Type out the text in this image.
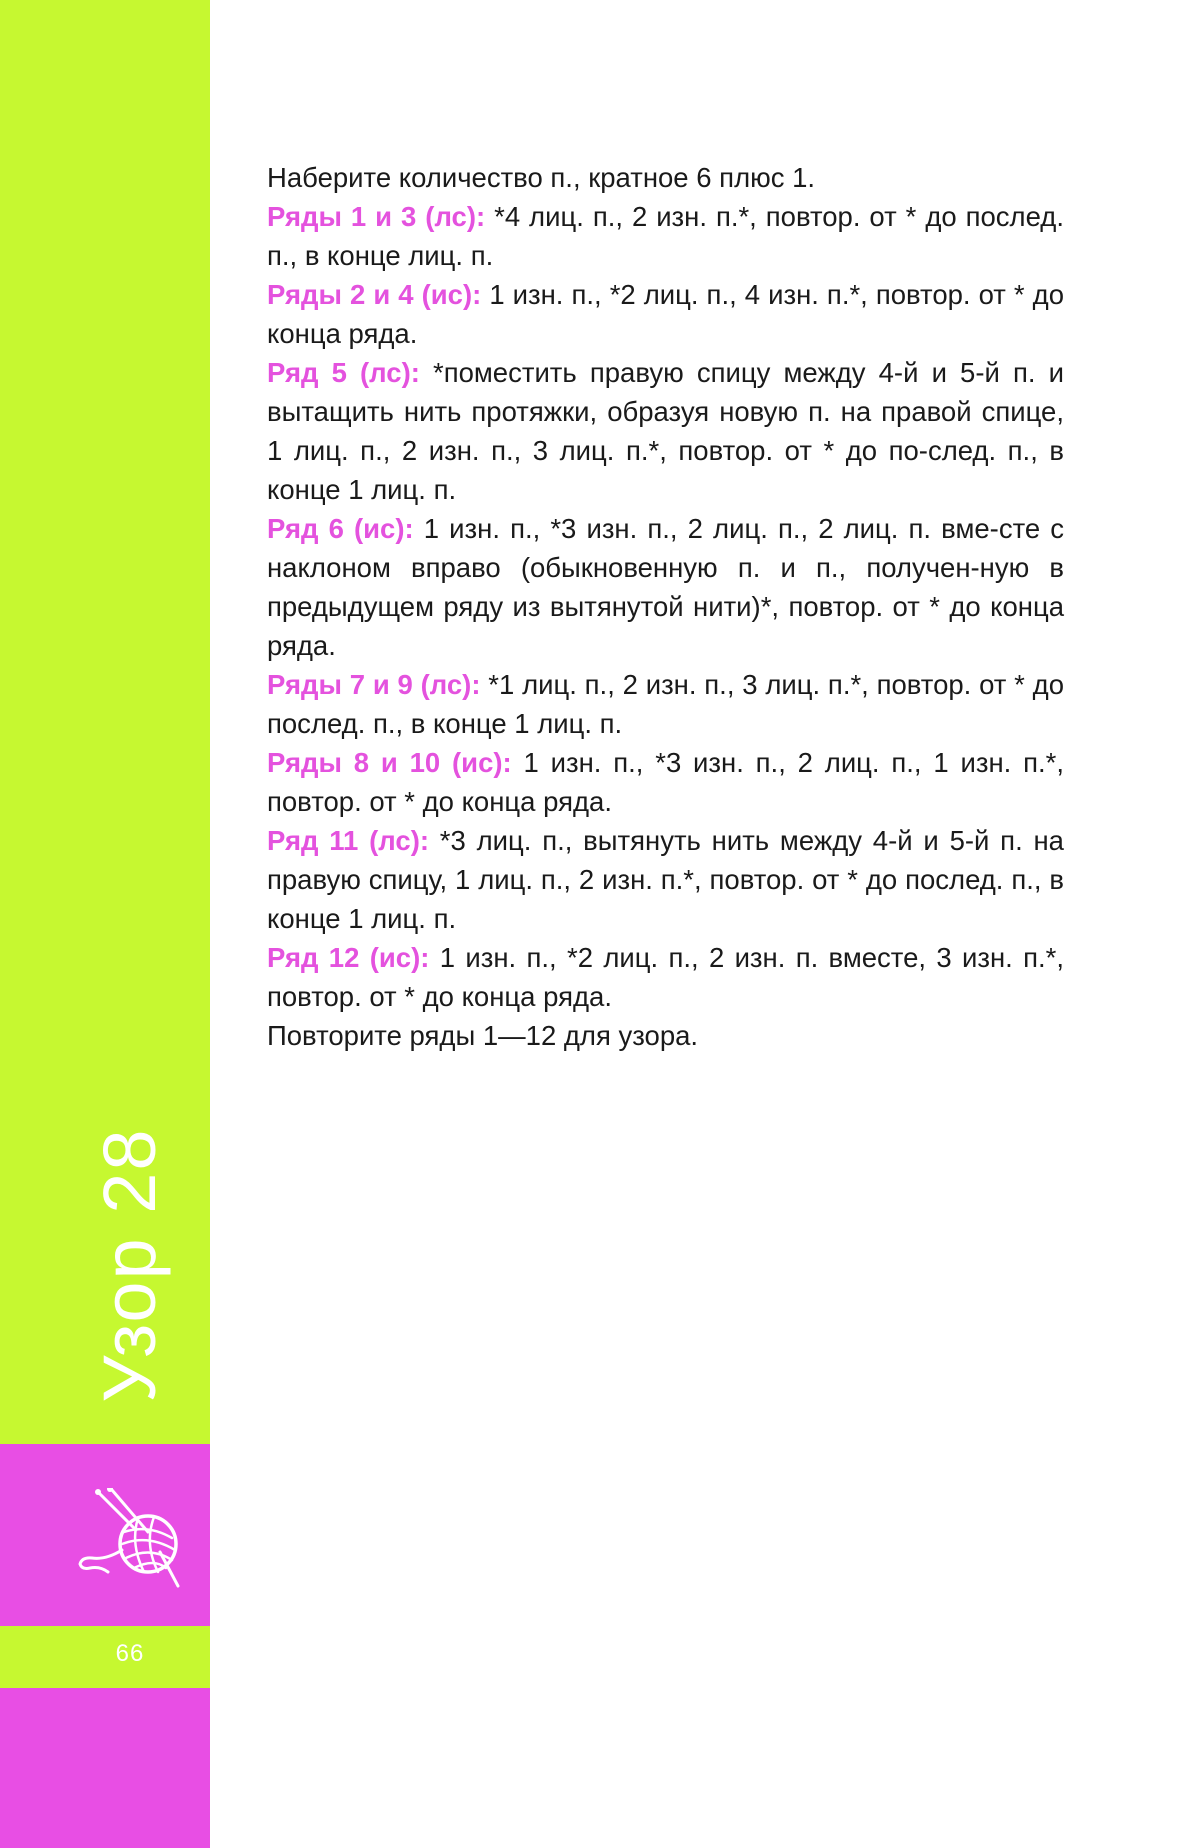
Узор 28
66

Наберите количество п., кратное 6 плюс 1.

Ряды 1 и 3 (лс): *4 лиц. п., 2 изн. п.*, повтор. от * до послед. п., в конце лиц. п.

Ряды 2 и 4 (ис): 1 изн. п., *2 лиц. п., 4 изн. п.*, повтор. от * до конца ряда.

Ряд 5 (лс): *поместить правую спицу между 4-й и 5-й п. и вытащить нить протяжки, образуя новую п. на правой спице, 1 лиц. п., 2 изн. п., 3 лиц. п.*, повтор. от * до по-след. п., в конце 1 лиц. п.

Ряд 6 (ис): 1 изн. п., *3 изн. п., 2 лиц. п., 2 лиц. п. вме-сте с наклоном вправо (обыкновенную п. и п., получен-ную в предыдущем ряду из вытянутой нити)*, повтор. от * до конца ряда.

Ряды 7 и 9 (лс): *1 лиц. п., 2 изн. п., 3 лиц. п.*, повтор. от * до послед. п., в конце 1 лиц. п.

Ряды 8 и 10 (ис): 1 изн. п., *3 изн. п., 2 лиц. п., 1 изн. п.*, повтор. от * до конца ряда.

Ряд 11 (лс): *3 лиц. п., вытянуть нить между 4-й и 5-й п. на правую спицу, 1 лиц. п., 2 изн. п.*, повтор. от * до послед. п., в конце 1 лиц. п.

Ряд 12 (ис): 1 изн. п., *2 лиц. п., 2 изн. п. вместе, 3 изн. п.*, повтор. от * до конца ряда.

Повторите ряды 1—12 для узора.
